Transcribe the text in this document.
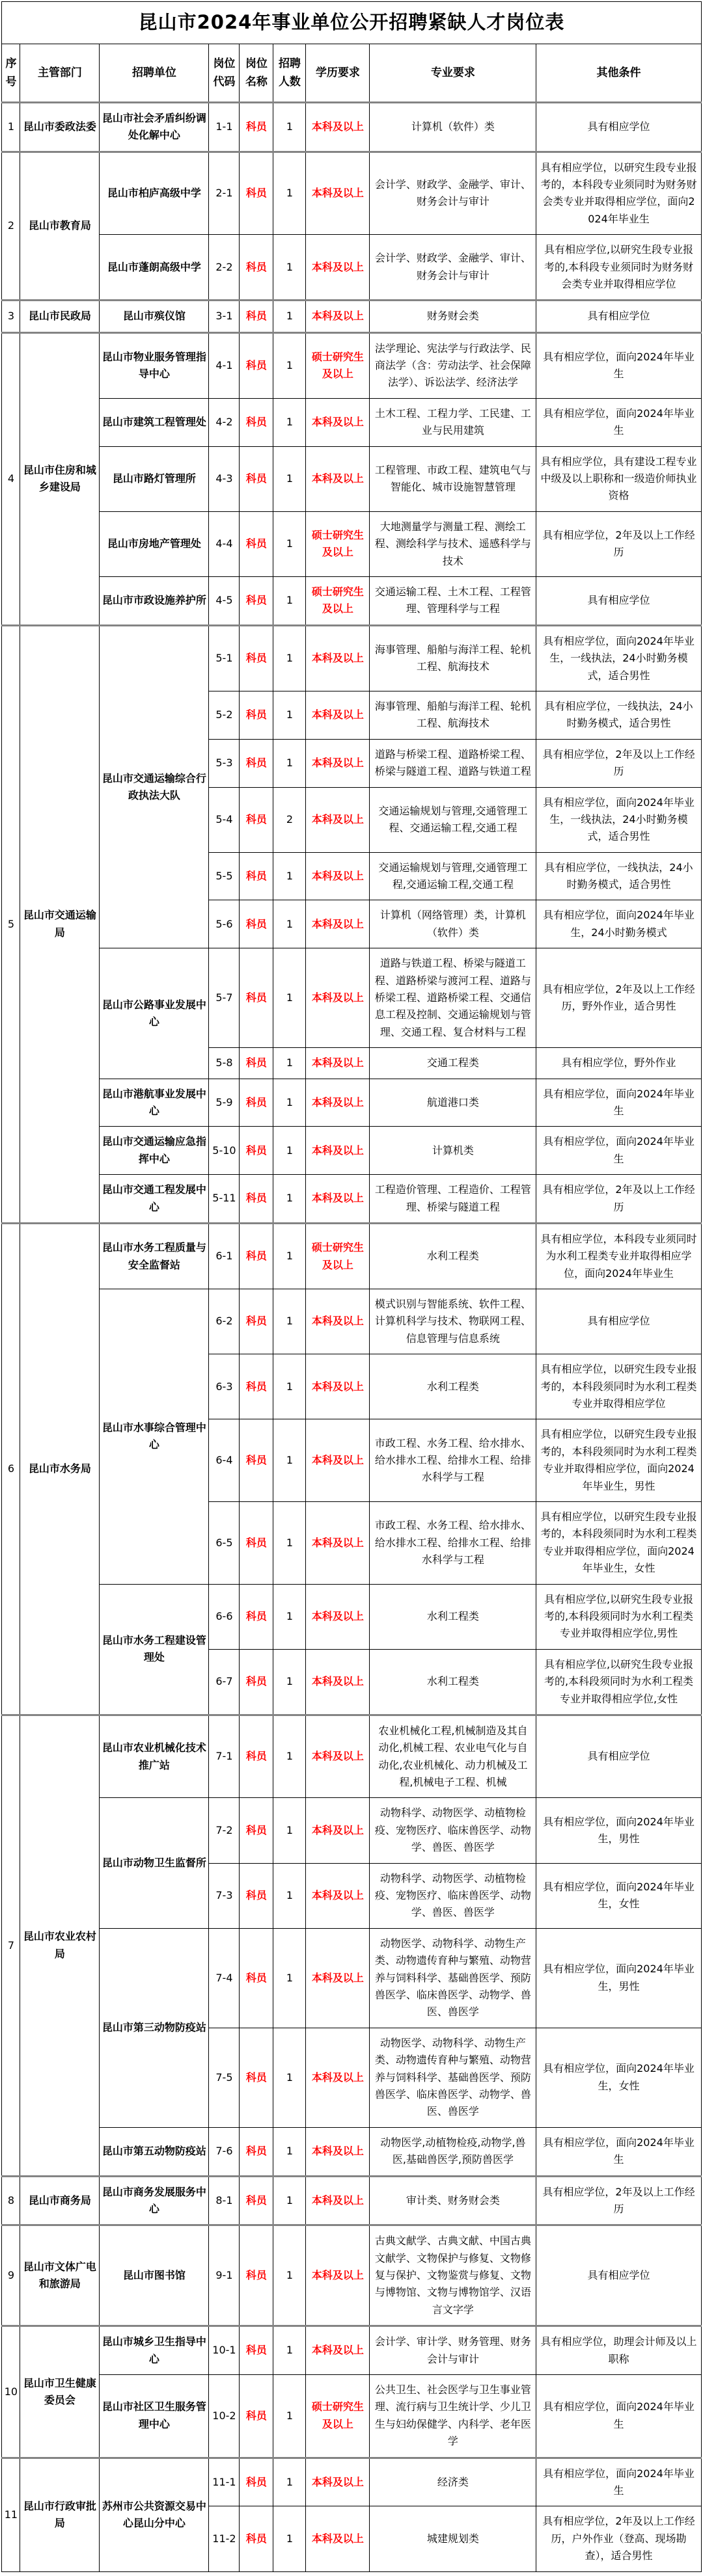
昆山市2024年事业单位公开招聘紧缺人才岗位表								
序号	主管部门	招聘单位	岗位代码	岗位名称	招聘人数	学历要求	专业要求	其他条件
1	昆山市委政法委	昆山市社会矛盾纠纷调处化解中心	1-1	科员	1	本科及以上	计算机（软件）类	具有相应学位
2	昆山市教育局	昆山市柏庐高级中学	2-1	科员	1	本科及以上	会计学、财政学、金融学、审计、财务会计与审计	具有相应学位，以研究生段专业报考的，本科段专业须同时为财务财会类专业并取得相应学位，面向2024年毕业生
		昆山市蓬朗高级中学	2-2	科员	1	本科及以上	会计学、财政学、金融学、审计、财务会计与审计	具有相应学位,以研究生段专业报考的,本科段专业须同时为财务财会类专业并取得相应学位
3	昆山市民政局	昆山市殡仪馆	3-1	科员	1	本科及以上	财务财会类	具有相应学位
4	昆山市住房和城乡建设局	昆山市物业服务管理指导中心	4-1	科员	1	硕士研究生及以上	法学理论、宪法学与行政法学、民商法学（含：劳动法学、社会保障法学）、诉讼法学、经济法学	具有相应学位，面向2024年毕业生
		昆山市建筑工程管理处	4-2	科员	1	本科及以上	土木工程、工程力学、工民建、工业与民用建筑	具有相应学位，面向2024年毕业生
		昆山市路灯管理所	4-3	科员	1	本科及以上	工程管理、市政工程、建筑电气与智能化、城市设施智慧管理	具有相应学位，具有建设工程专业中级及以上职称和一级造价师执业资格
		昆山市房地产管理处	4-4	科员	1	硕士研究生及以上	大地测量学与测量工程、测绘工程、测绘科学与技术、遥感科学与技术	具有相应学位，2年及以上工作经历
		昆山市市政设施养护所	4-5	科员	1	硕士研究生及以上	交通运输工程、土木工程、工程管理、管理科学与工程	具有相应学位
5	昆山市交通运输局	昆山市交通运输综合行政执法大队	5-1	科员	1	本科及以上	海事管理、船舶与海洋工程、轮机工程、航海技术	具有相应学位，面向2024年毕业生，一线执法，24小时勤务模式，适合男性
			5-2	科员	1	本科及以上	海事管理、船舶与海洋工程、轮机工程、航海技术	具有相应学位，一线执法，24小时勤务模式，适合男性
			5-3	科员	1	本科及以上	道路与桥梁工程、道路桥梁工程、桥梁与隧道工程、道路与铁道工程	具有相应学位，2年及以上工作经历
			5-4	科员	2	本科及以上	交通运输规划与管理,交通管理工程、交通运输工程,交通工程	具有相应学位，面向2024年毕业生，一线执法，24小时勤务模式，适合男性
			5-5	科员	1	本科及以上	交通运输规划与管理,交通管理工程,交通运输工程,交通工程	具有相应学位，一线执法，24小时勤务模式，适合男性
			5-6	科员	1	本科及以上	计算机（网络管理）类，计算机（软件）类	具有相应学位，面向2024年毕业生，24小时勤务模式
		昆山市公路事业发展中心	5-7	科员	1	本科及以上	道路与铁道工程、桥梁与隧道工程、道路桥梁与渡河工程、道路与桥梁工程、道路桥梁工程、交通信息工程及控制、交通运输规划与管理、交通工程、复合材料与工程	具有相应学位，2年及以上工作经历，野外作业，适合男性
			5-8	科员	1	本科及以上	交通工程类	具有相应学位，野外作业
		昆山市港航事业发展中心	5-9	科员	1	本科及以上	航道港口类	具有相应学位，面向2024年毕业生
		昆山市交通运输应急指挥中心	5-10	科员	1	本科及以上	计算机类	具有相应学位，面向2024年毕业生
		昆山市交通工程发展中心	5-11	科员	1	本科及以上	工程造价管理、工程造价、工程管理、桥梁与隧道工程	具有相应学位，2年及以上工作经历
6	昆山市水务局	昆山市水务工程质量与安全监督站	6-1	科员	1	硕士研究生及以上	水利工程类	具有相应学位，本科段专业须同时为水利工程类专业并取得相应学位，面向2024年毕业生
		昆山市水事综合管理中心	6-2	科员	1	本科及以上	模式识别与智能系统、软件工程、计算机科学与技术、物联网工程、信息管理与信息系统	具有相应学位
			6-3	科员	1	本科及以上	水利工程类	具有相应学位，以研究生段专业报考的，本科段须同时为水利工程类专业并取得相应学位
			6-4	科员	1	本科及以上	市政工程、水务工程、给水排水、给水排水工程、给排水工程、给排水科学与工程	具有相应学位，以研究生段专业报考的，本科段须同时为水利工程类专业并取得相应学位，面向2024年毕业生，男性
			6-5	科员	1	本科及以上	市政工程、水务工程、给水排水、给水排水工程、给排水工程、给排水科学与工程	具有相应学位，以研究生段专业报考的，本科段须同时为水利工程类专业并取得相应学位，面向2024年毕业生，女性
		昆山市水务工程建设管理处	6-6	科员	1	本科及以上	水利工程类	具有相应学位,以研究生段专业报考的,本科段须同时为水利工程类专业并取得相应学位,男性
			6-7	科员	1	本科及以上	水利工程类	具有相应学位,以研究生段专业报考的,本科段须同时为水利工程类专业并取得相应学位,女性
7	昆山市农业农村局	昆山市农业机械化技术推广站	7-1	科员	1	本科及以上	农业机械化工程,机械制造及其自动化,机械工程、农业电气化与自动化,农业机械化、动力机械及工程,机械电子工程、机械	具有相应学位
		昆山市动物卫生监督所	7-2	科员	1	本科及以上	动物科学、动物医学、动植物检疫、宠物医疗、临床兽医学、动物学、兽医、兽医学	具有相应学位，面向2024年毕业生，男性
			7-3	科员	1	本科及以上	动物科学、动物医学、动植物检疫、宠物医疗、临床兽医学、动物学、兽医、兽医学	具有相应学位，面向2024年毕业生，女性
		昆山市第三动物防疫站	7-4	科员	1	本科及以上	动物医学、动物科学、动物生产类、动物遗传育种与繁殖、动物营养与饲料科学、基础兽医学、预防兽医学、临床兽医学、动物学、兽医、兽医学	具有相应学位，面向2024年毕业生，男性
			7-5	科员	1	本科及以上	动物医学、动物科学、动物生产类、动物遗传育种与繁殖、动物营养与饲料科学、基础兽医学、预防兽医学、临床兽医学、动物学、兽医、兽医学	具有相应学位，面向2024年毕业生，女性
		昆山市第五动物防疫站	7-6	科员	1	本科及以上	动物医学,动植物检疫,动物学,兽医,基础兽医学,预防兽医学	具有相应学位，面向2024年毕业生
8	昆山市商务局	昆山市商务发展服务中心	8-1	科员	1	本科及以上	审计类、财务财会类	具有相应学位，2年及以上工作经历
9	昆山市文体广电和旅游局	昆山市图书馆	9-1	科员	1	本科及以上	古典文献学、古典文献、中国古典文献学、文物保护与修复、文物修复与保护、文物鉴赏与修复、文物与博物馆、文物与博物馆学、汉语言文字学	具有相应学位
10	昆山市卫生健康委员会	昆山市城乡卫生指导中心	10-1	科员	1	本科及以上	会计学、审计学、财务管理、财务会计与审计	具有相应学位，助理会计师及以上职称
		昆山市社区卫生服务管理中心	10-2	科员	1	硕士研究生及以上	公共卫生、社会医学与卫生事业管理、流行病与卫生统计学、少儿卫生与妇幼保健学、内科学、老年医学	具有相应学位，面向2024年毕业生
11	昆山市行政审批局	苏州市公共资源交易中心昆山分中心	11-1	科员	1	本科及以上	经济类	具有相应学位，面向2024年毕业生
			11-2	科员	1	本科及以上	城建规划类	具有相应学位，2年及以上工作经历，户外作业（登高、现场勘查），适合男性
